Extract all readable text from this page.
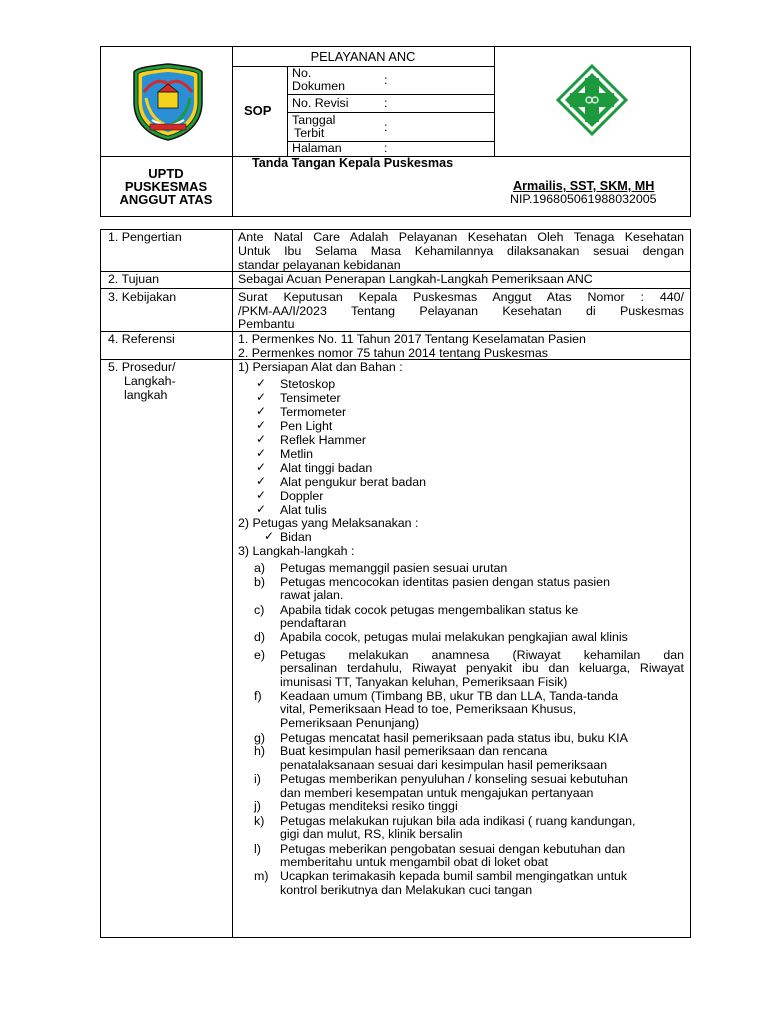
PELAYANAN ANC
SOP
No.
Dokumen	:
No. Revisi	:
Tanggal
Terbit	:
Halaman	:
UPTD
PUSKESMAS
ANGGUT ATAS
Tanda Tangan Kepala Puskesmas
Armailis, SST, SKM, MH
NIP.196805061988032005
1. Pengertian	Ante Natal Care Adalah Pelayanan Kesehatan Oleh Tenaga Kesehatan
Untuk Ibu Selama Masa Kehamilannya dilaksanakan sesuai dengan
standar pelayanan kebidanan
2. Tujuan	Sebagai Acuan Penerapan Langkah-Langkah Pemeriksaan ANC
3. Kebijakan	Surat Keputusan Kepala Puskesmas Anggut Atas Nomor : 440/
/PKM-AA/I/2023 Tentang Pelayanan Kesehatan di Puskesmas
Pembantu
4. Referensi	1. Permenkes No. 11 Tahun 2017 Tentang Keselamatan Pasien
2. Permenkes nomor 75 tahun 2014 tentang Puskesmas
5. Prosedur/
Langkah-
langkah
1) Persiapan Alat dan Bahan :
✓ Stetoskop
✓ Tensimeter
✓ Termometer
✓ Pen Light
✓ Reflek Hammer
✓ Metlin
✓ Alat tinggi badan
✓ Alat pengukur berat badan
✓ Doppler
✓ Alat tulis
2) Petugas yang Melaksanakan :
✓ Bidan
3) Langkah-langkah :
a) Petugas memanggil pasien sesuai urutan
b) Petugas mencocokan identitas pasien dengan status pasien
rawat jalan.
c) Apabila tidak cocok petugas mengembalikan status ke
pendaftaran
d) Apabila cocok, petugas mulai melakukan pengkajian awal klinis
e) Petugas melakukan anamnesa (Riwayat kehamilan dan
persalinan terdahulu, Riwayat penyakit ibu dan keluarga, Riwayat
imunisasi TT, Tanyakan keluhan, Pemeriksaan Fisik)
f) Keadaan umum (Timbang BB, ukur TB dan LLA, Tanda-tanda
vital, Pemeriksaan Head to toe, Pemeriksaan Khusus,
Pemeriksaan Penunjang)
g) Petugas mencatat hasil pemeriksaan pada status ibu, buku KIA
h) Buat kesimpulan hasil pemeriksaan dan rencana
penatalaksanaan sesuai dari kesimpulan hasil pemeriksaan
i) Petugas memberikan penyuluhan / konseling sesuai kebutuhan
dan memberi kesempatan untuk mengajukan pertanyaan
j) Petugas menditeksi resiko tinggi
k) Petugas melakukan rujukan bila ada indikasi ( ruang kandungan,
gigi dan mulut, RS, klinik bersalin
l) Petugas meberikan pengobatan sesuai dengan kebutuhan dan
memberitahu untuk mengambil obat di loket obat
m) Ucapkan terimakasih kepada bumil sambil mengingatkan untuk
kontrol berikutnya dan Melakukan cuci tangan
